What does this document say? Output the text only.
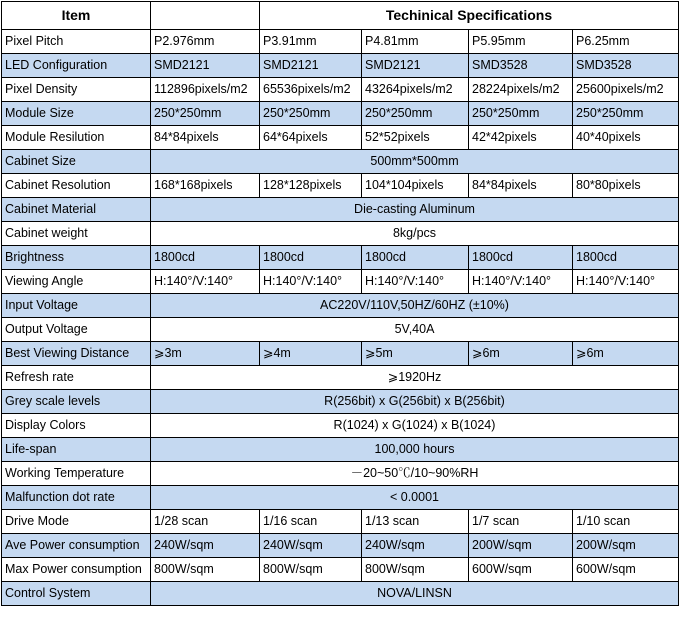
Item		Techinical Specifications			
Pixel Pitch	P2.976mm	P3.91mm	P4.81mm	P5.95mm	P6.25mm
LED Configuration	SMD2121	SMD2121	SMD2121	SMD3528	SMD3528
Pixel Density	112896pixels/m2	65536pixels/m2	43264pixels/m2	28224pixels/m2	25600pixels/m2
Module Size	250*250mm	250*250mm	250*250mm	250*250mm	250*250mm
Module Resilution	84*84pixels	64*64pixels	52*52pixels	42*42pixels	40*40pixels
Cabinet Size	500mm*500mm				
Cabinet Resolution	168*168pixels	128*128pixels	104*104pixels	84*84pixels	80*80pixels
Cabinet Material	Die-casting Aluminum				
Cabinet weight	8kg/pcs				
Brightness	1800cd	1800cd	1800cd	1800cd	1800cd
Viewing Angle	H:140°/V:140°	H:140°/V:140°	H:140°/V:140°	H:140°/V:140°	H:140°/V:140°
Input Voltage	AC220V/110V,50HZ/60HZ (±10%)				
Output Voltage	5V,40A				
Best Viewing Distance	⩾3m	⩾4m	⩾5m	⩾6m	⩾6m
Refresh rate	⩾1920Hz				
Grey scale levels	R(256bit) x G(256bit) x B(256bit)				
Display Colors	R(1024) x G(1024) x B(1024)				
Life-span	100,000 hours				
Working Temperature	－20~50℃/10~90%RH				
Malfunction dot rate	< 0.0001				
Drive Mode	1/28 scan	1/16 scan	1/13 scan	1/7 scan	1/10 scan
Ave Power consumption	240W/sqm	240W/sqm	240W/sqm	200W/sqm	200W/sqm
Max Power consumption	800W/sqm	800W/sqm	800W/sqm	600W/sqm	600W/sqm
Control System	NOVA/LINSN				
